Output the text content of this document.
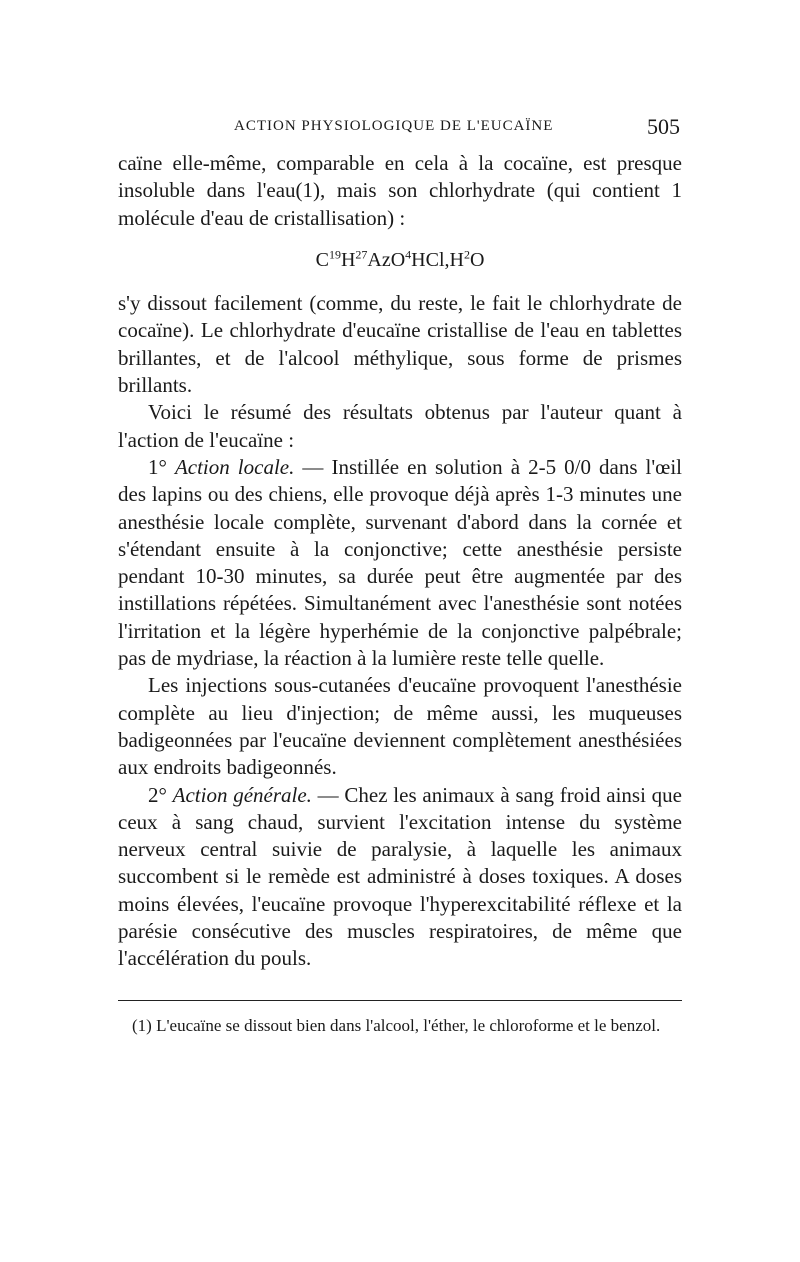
ACTION PHYSIOLOGIQUE DE L'EUCAÏNE	505

caïne elle-même, comparable en cela à la cocaïne, est presque insoluble dans l'eau(1), mais son chlorhydrate (qui contient 1 molécule d'eau de cristallisation) :

$C^{19}H^{27}AzO^4HCl,H^2O$

s'y dissout facilement (comme, du reste, le fait le chlorhydrate de cocaïne). Le chlorhydrate d'eucaïne cristallise de l'eau en tablettes brillantes, et de l'alcool méthylique, sous forme de prismes brillants.

Voici le résumé des résultats obtenus par l'auteur quant à l'action de l'eucaïne :

1° Action locale. — Instillée en solution à 2-5 0/0 dans l'œil des lapins ou des chiens, elle provoque déjà après 1-3 minutes une anesthésie locale complète, survenant d'abord dans la cornée et s'étendant ensuite à la conjonctive; cette anesthésie persiste pendant 10-30 minutes, sa durée peut être augmentée par des instillations répétées. Simultanément avec l'anesthésie sont notées l'irritation et la légère hyperhémie de la conjonctive palpébrale; pas de mydriase, la réaction à la lumière reste telle quelle.

Les injections sous-cutanées d'eucaïne provoquent l'anesthésie complète au lieu d'injection; de même aussi, les muqueuses badigeonnées par l'eucaïne deviennent complètement anesthésiées aux endroits badigeonnés.

2° Action générale. — Chez les animaux à sang froid ainsi que ceux à sang chaud, survient l'excitation intense du système nerveux central suivie de paralysie, à laquelle les animaux succombent si le remède est administré à doses toxiques. A doses moins élevées, l'eucaïne provoque l'hyperexcitabilité réflexe et la parésie consécutive des muscles respiratoires, de même que l'accélération du pouls.

(1) L'eucaïne se dissout bien dans l'alcool, l'éther, le chloroforme et le benzol.
